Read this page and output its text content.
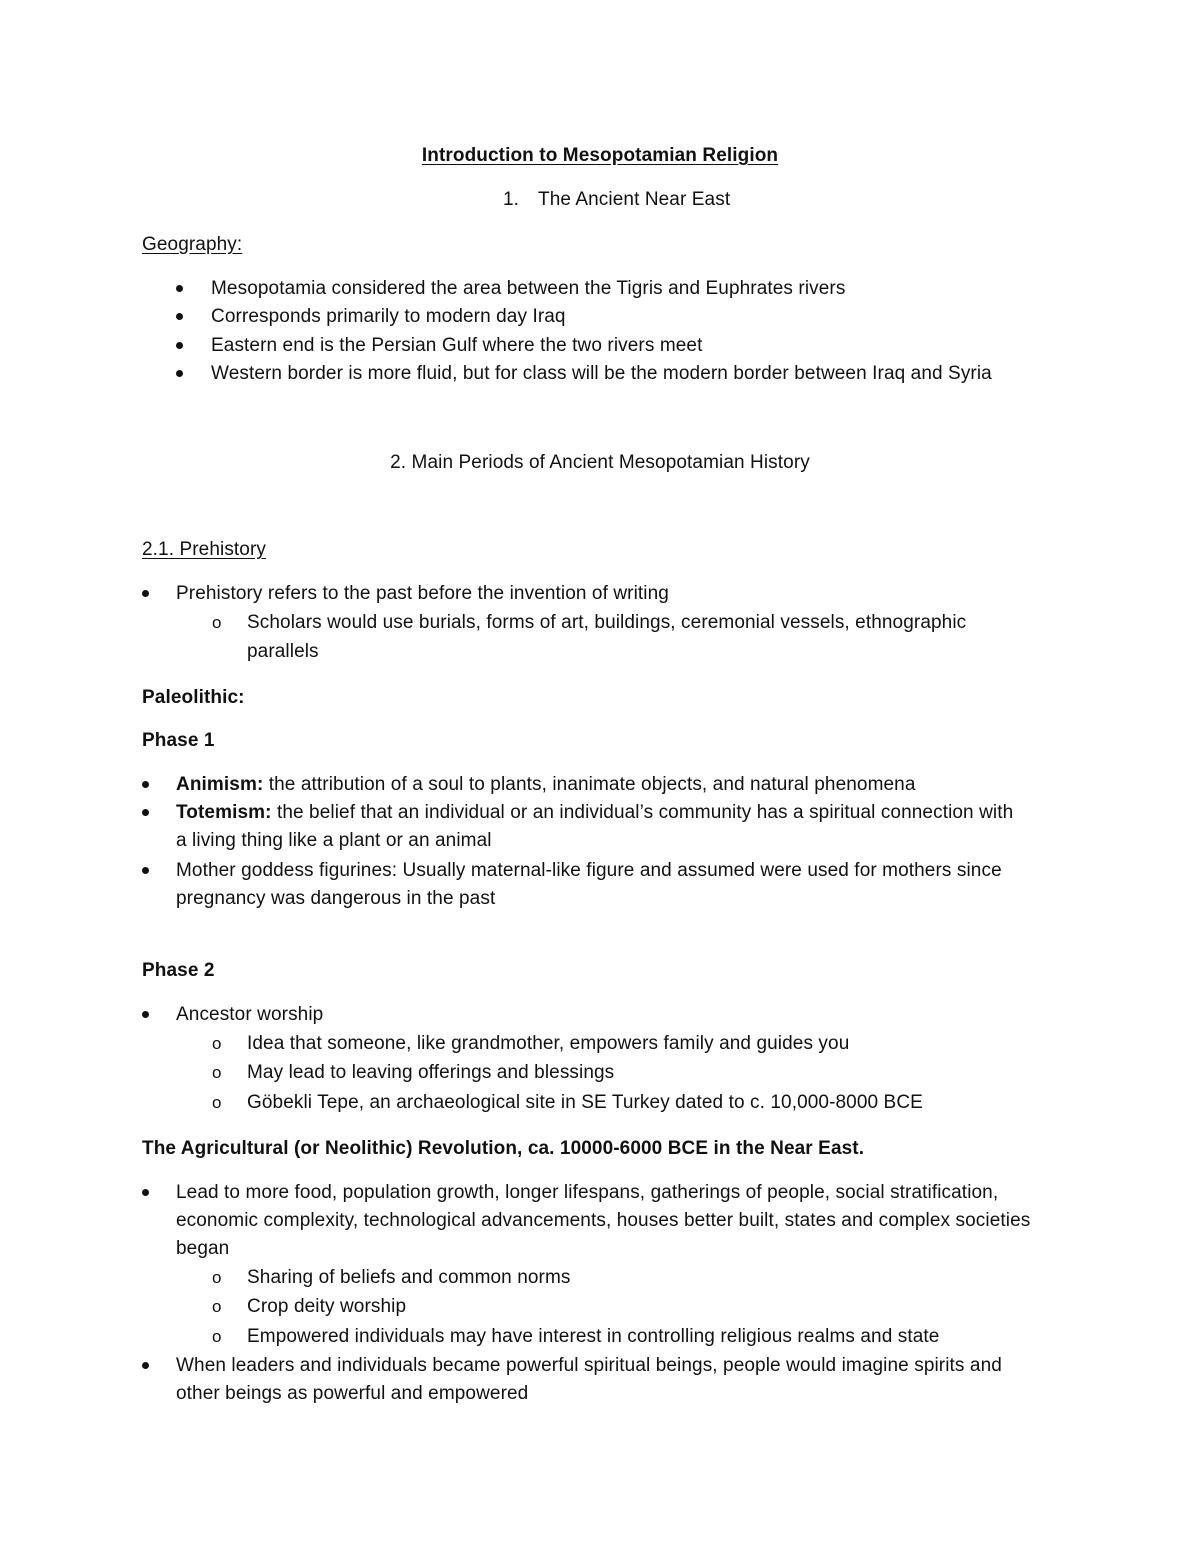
Introduction to Mesopotamian Religion
1. The Ancient Near East
Geography:
Mesopotamia considered the area between the Tigris and Euphrates rivers
Corresponds primarily to modern day Iraq
Eastern end is the Persian Gulf where the two rivers meet
Western border is more fluid, but for class will be the modern border between Iraq and Syria
2. Main Periods of Ancient Mesopotamian History
2.1. Prehistory
Prehistory refers to the past before the invention of writing
o Scholars would use burials, forms of art, buildings, ceremonial vessels, ethnographic
parallels
Paleolithic:
Phase 1
Animism: the attribution of a soul to plants, inanimate objects, and natural phenomena
Totemism: the belief that an individual or an individual’s community has a spiritual connection with
a living thing like a plant or an animal
Mother goddess figurines: Usually maternal-like figure and assumed were used for mothers since
pregnancy was dangerous in the past
Phase 2
Ancestor worship
o Idea that someone, like grandmother, empowers family and guides you
o May lead to leaving offerings and blessings
o Göbekli Tepe, an archaeological site in SE Turkey dated to c. 10,000-8000 BCE
The Agricultural (or Neolithic) Revolution, ca. 10000-6000 BCE in the Near East.
Lead to more food, population growth, longer lifespans, gatherings of people, social stratification,
economic complexity, technological advancements, houses better built, states and complex societies
began
o Sharing of beliefs and common norms
o Crop deity worship
o Empowered individuals may have interest in controlling religious realms and state
When leaders and individuals became powerful spiritual beings, people would imagine spirits and
other beings as powerful and empowered
